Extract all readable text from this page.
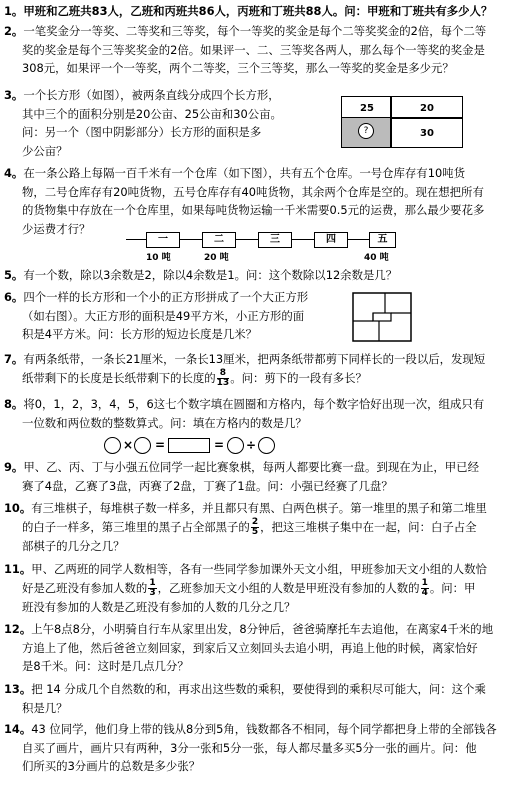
1。甲班和乙班共83人，乙班和丙班共86人，丙班和丁班共88人。问：甲班和丁班共有多少人？
2。一笔奖金分一等奖、二等奖和三等奖，每个一等奖的奖金是每个二等奖奖金的2倍，每个二等
奖的奖金是每个三等奖奖金的2倍。如果评一、二、三等奖各两人，那么每个一等奖的奖金是
308元，如果评一个一等奖，两个二等奖，三个三等奖，那么一等奖的奖金是多少元？
3。一个长方形（如图），被两条直线分成四个长方形，
其中三个的面积分别是20公亩、25公亩和30公亩。
问：另一个（图中阴影部分）长方形的面积是多
少公亩？
25	20
?	30
4。在一条公路上每隔一百千米有一个仓库（如下图），共有五个仓库。一号仓库存有10吨货
物，二号仓库存有20吨货物，五号仓库存有40吨货物，其余两个仓库是空的。现在想把所有
的货物集中存放在一个仓库里，如果每吨货物运输一千米需要0.5元的运费，那么最少要花多
少运费才行？
一	二	三	四	五
10 吨	20 吨	40 吨
5。有一个数，除以3余数是2，除以4余数是1。问：这个数除以12余数是几？
6。四个一样的长方形和一个小的正方形拼成了一个大正方形
（如右图）。大正方形的面积是49平方米，小正方形的面
积是4平方米。问：长方形的短边长度是几米？
7。有两条纸带，一条长21厘米，一条长13厘米，把两条纸带都剪下同样长的一段以后，发现短
纸带剩下的长度是长纸带剩下的长度的 $\frac{8}{13}$ 。问：剪下的一段有多长？
8。将0，1，2，3，4，5，6这七个数字填在圆圈和方格内，每个数字恰好出现一次，组成只有
一位数和两位数的整数算式。问：填在方格内的数是几？
× =	= ÷
9。甲、乙、丙、丁与小强五位同学一起比赛象棋，每两人都要比赛一盘。到现在为止，甲已经
赛了4盘，乙赛了3盘，丙赛了2盘，丁赛了1盘。问：小强已经赛了几盘？
10。有三堆棋子，每堆棋子数一样多，并且都只有黑、白两色棋子。第一堆里的黑子和第二堆里
的白子一样多，第三堆里的黑子占全部黑子的 $\frac{2}{5}$ ，把这三堆棋子集中在一起，问：白子占全
部棋子的几分之几？
11。甲、乙两班的同学人数相等，各有一些同学参加课外天文小组，甲班参加天文小组的人数恰
好是乙班没有参加人数的 $\frac{1}{3}$ ，乙班参加天文小组的人数是甲班没有参加的人数的 $\frac{1}{4}$ 。问：甲
班没有参加的人数是乙班没有参加的人数的几分之几？
12。上午8点8分，小明骑自行车从家里出发，8分钟后，爸爸骑摩托车去追他，在离家4千米的地
方追上了他，然后爸爸立刻回家，到家后又立刻回头去追小明，再追上他的时候，离家恰好
是8千米。问：这时是几点几分？
13。把 14 分成几个自然数的和，再求出这些数的乘积，要使得到的乘积尽可能大，问：这个乘
积是几？
14。43 位同学，他们身上带的钱从8分到5角，钱数都各不相同，每个同学都把身上带的全部钱各
自买了画片，画片只有两种，3分一张和5分一张，每人都尽量多买5分一张的画片。问：他
们所买的3分画片的总数是多少张？
